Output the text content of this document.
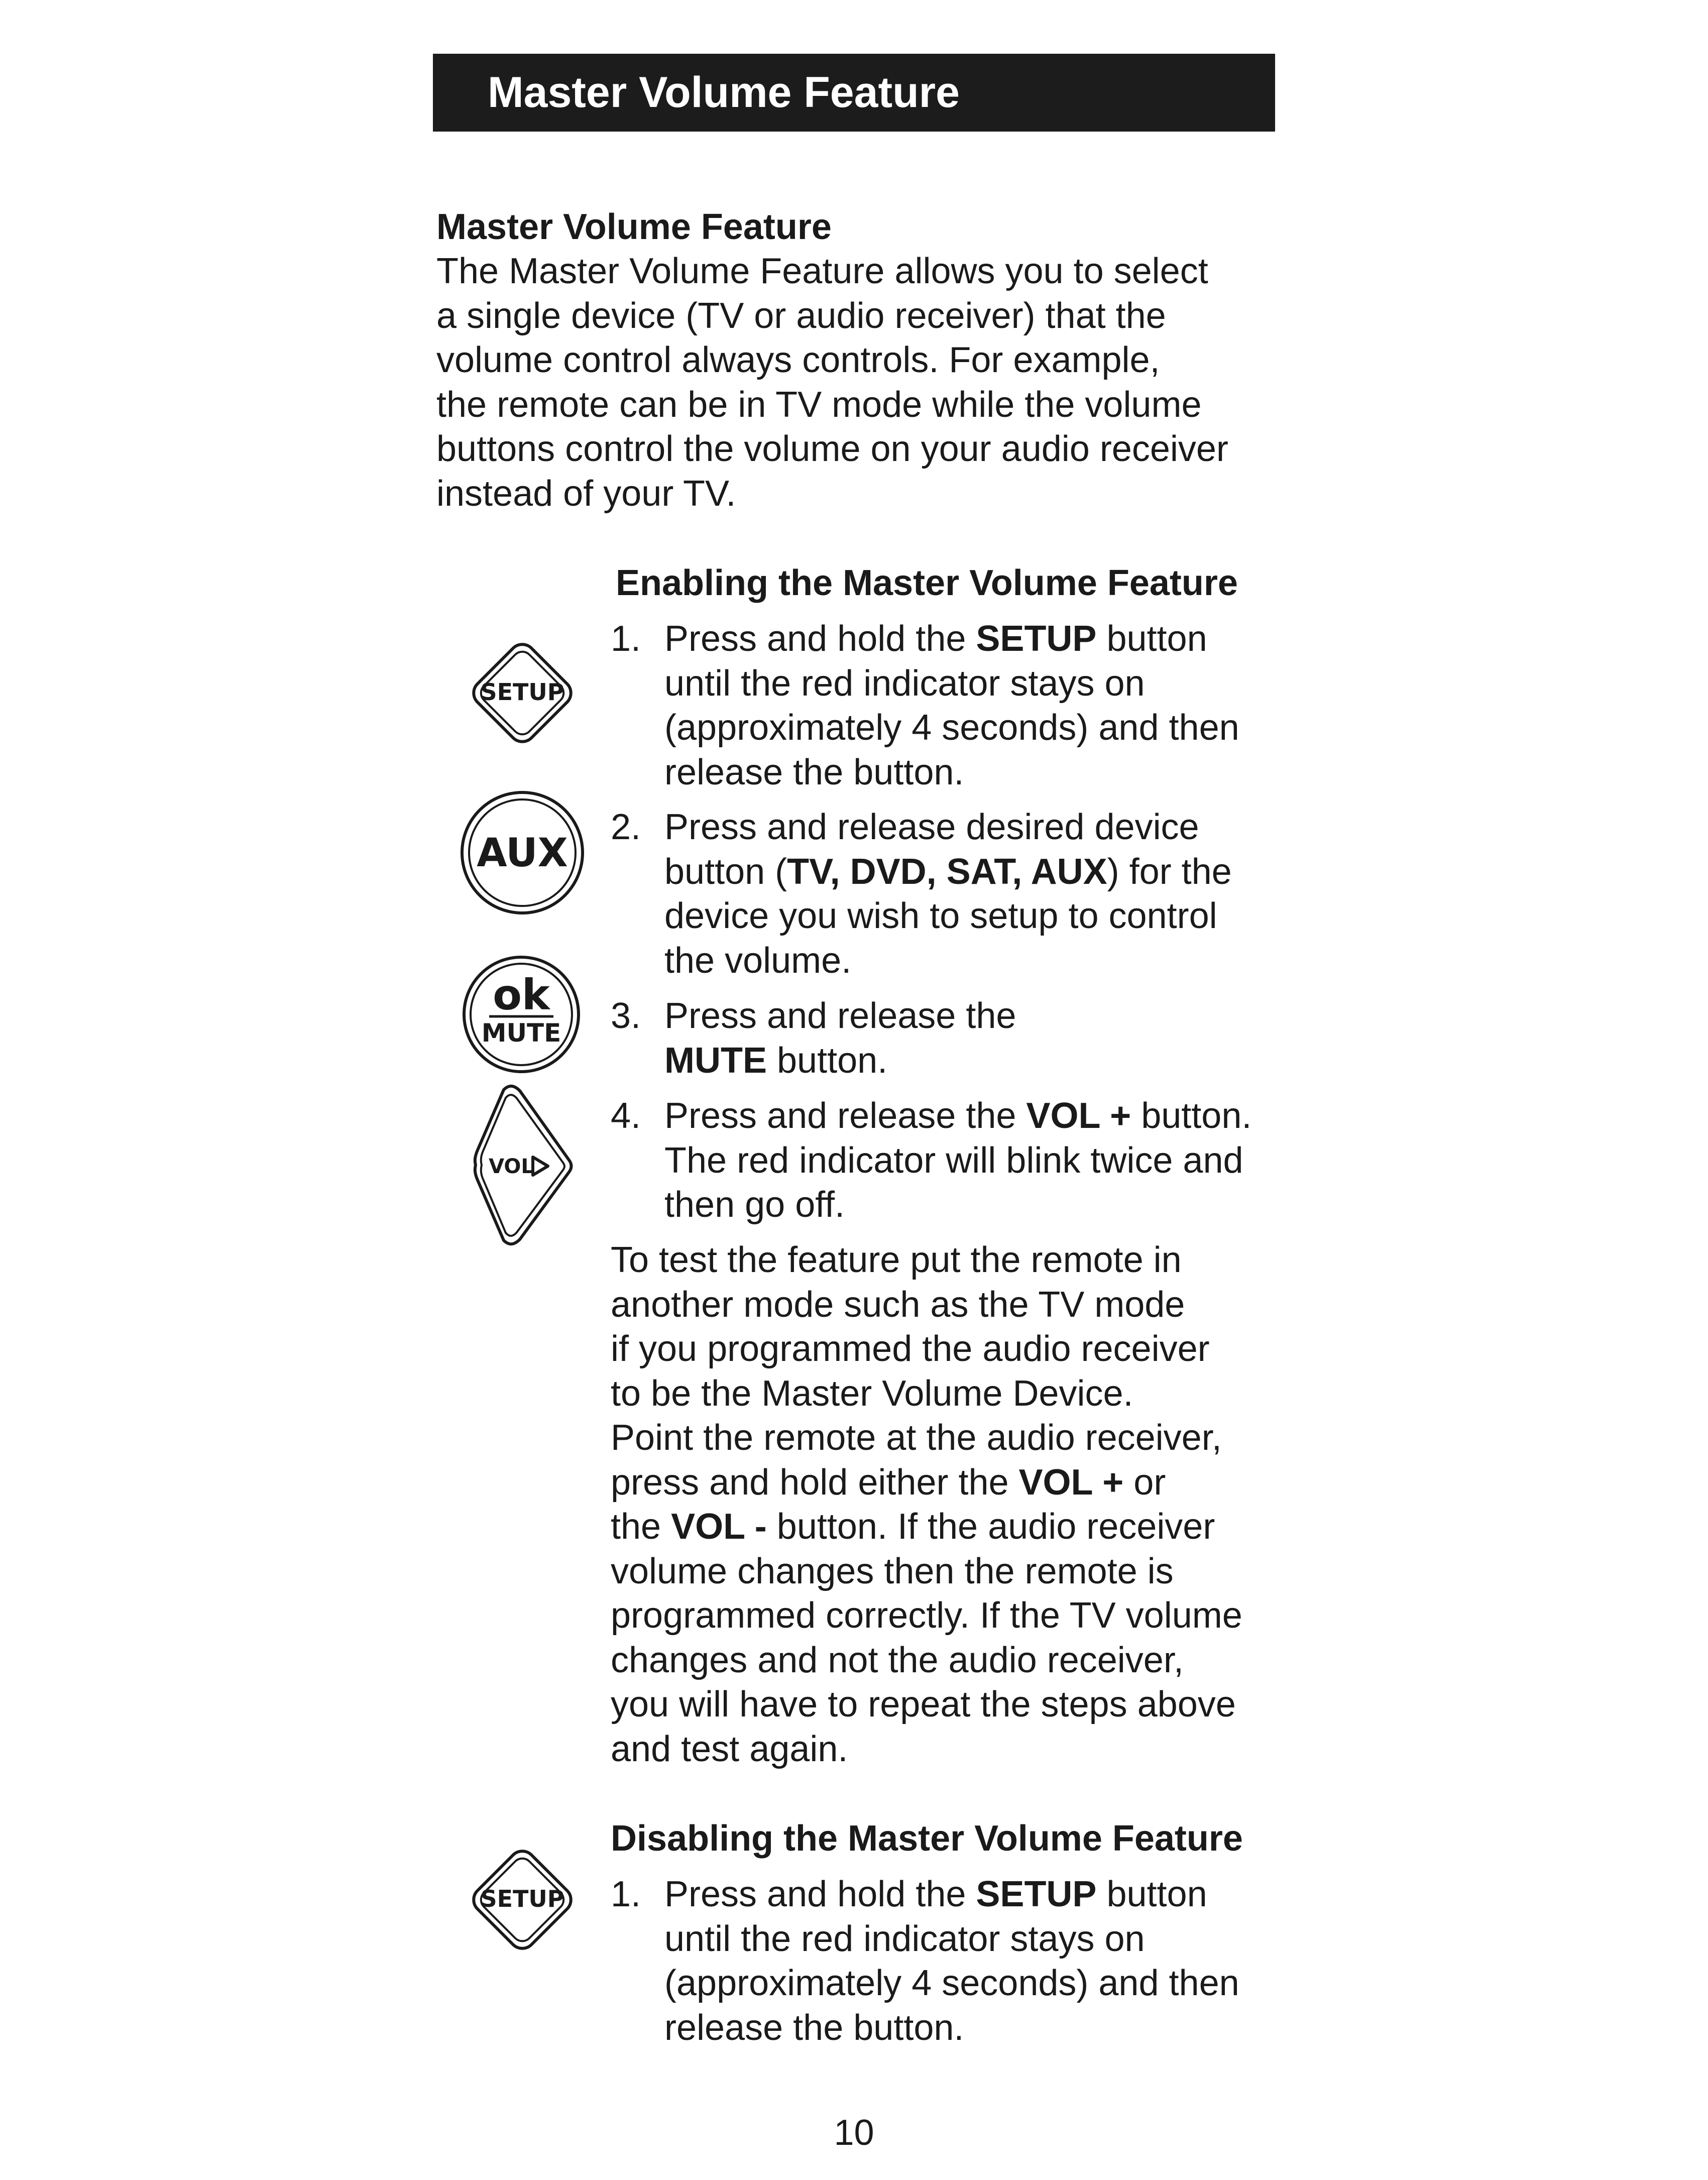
Master Volume Feature
Master Volume Feature
The Master Volume Feature allows you to select
a single device (TV or audio receiver) that the
volume control always controls. For example,
the remote can be in TV mode while the volume
buttons control the volume on your audio receiver
instead of your TV.
Enabling the Master Volume Feature
1. Press and hold the SETUP button
until the red indicator stays on
(approximately 4 seconds) and then
release the button.
2. Press and release desired device
button (TV, DVD, SAT, AUX) for the
device you wish to setup to control
the volume.
3. Press and release the
MUTE button.
4. Press and release the VOL + button.
The red indicator will blink twice and
then go off.
To test the feature put the remote in
another mode such as the TV mode
if you programmed the audio receiver
to be the Master Volume Device.
Point the remote at the audio receiver,
press and hold either the VOL + or
the VOL - button. If the audio receiver
volume changes then the remote is
programmed correctly. If the TV volume
changes and not the audio receiver,
you will have to repeat the steps above
and test again.
Disabling the Master Volume Feature
1. Press and hold the SETUP button
until the red indicator stays on
(approximately 4 seconds) and then
release the button.
SETUP
AUX
ok
MUTE
VOL
SETUP
10
